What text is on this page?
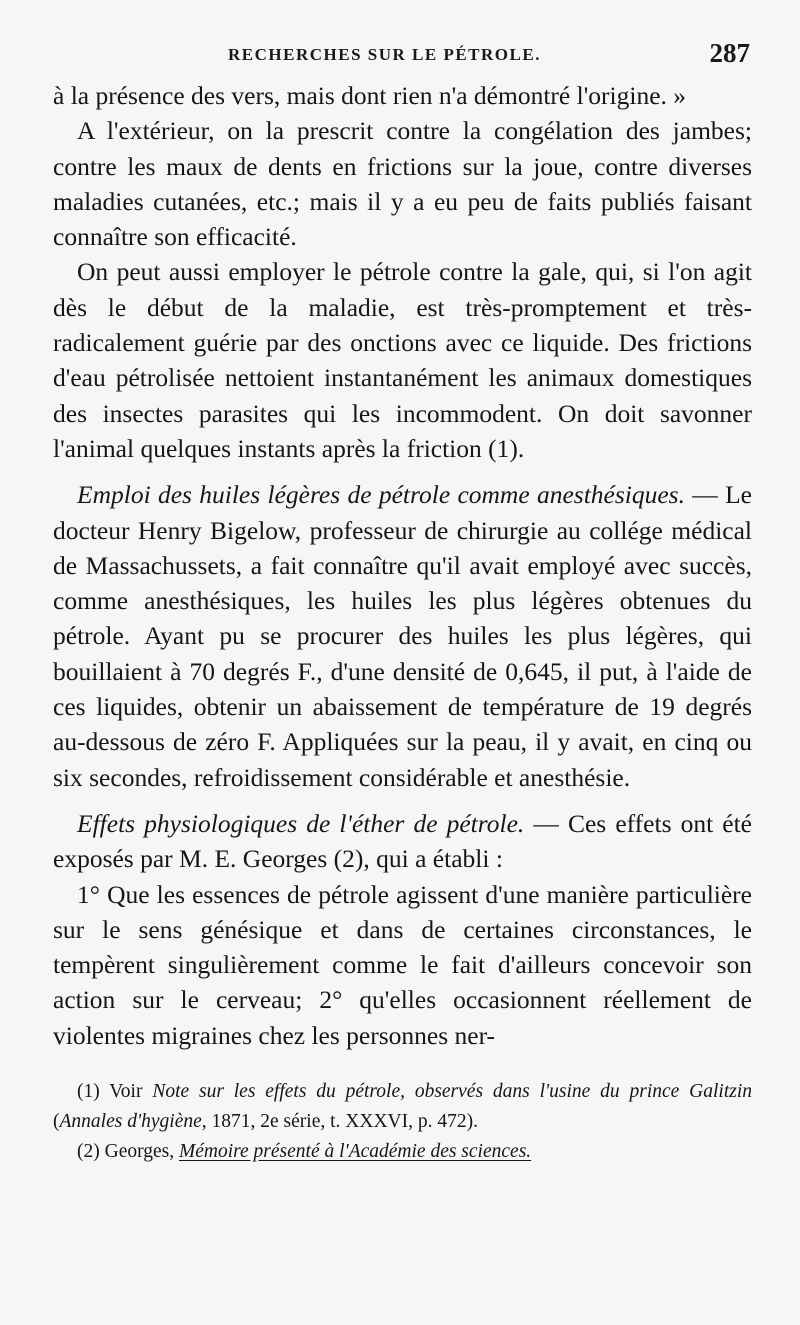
RECHERCHES SUR LE PÉTROLE.	287

à la présence des vers, mais dont rien n'a démontré l'origine. »

A l'extérieur, on la prescrit contre la congélation des jambes; contre les maux de dents en frictions sur la joue, contre diverses maladies cutanées, etc.; mais il y a eu peu de faits publiés faisant connaître son efficacité.

On peut aussi employer le pétrole contre la gale, qui, si l'on agit dès le début de la maladie, est très-promptement et très-radicalement guérie par des onctions avec ce liquide. Des frictions d'eau pétrolisée nettoient instantanément les animaux domestiques des insectes parasites qui les incommodent. On doit savonner l'animal quelques instants après la friction (1).

Emploi des huiles légères de pétrole comme anesthésiques. — Le docteur Henry Bigelow, professeur de chirurgie au collége médical de Massachussets, a fait connaître qu'il avait employé avec succès, comme anesthésiques, les huiles les plus légères obtenues du pétrole. Ayant pu se procurer des huiles les plus légères, qui bouillaient à 70 degrés F., d'une densité de 0,645, il put, à l'aide de ces liquides, obtenir un abaissement de température de 19 degrés au-dessous de zéro F. Appliquées sur la peau, il y avait, en cinq ou six secondes, refroidissement considérable et anesthésie.

Effets physiologiques de l'éther de pétrole. — Ces effets ont été exposés par M. E. Georges (2), qui a établi :

1° Que les essences de pétrole agissent d'une manière particulière sur le sens génésique et dans de certaines circonstances, le tempèrent singulièrement comme le fait d'ailleurs concevoir son action sur le cerveau; 2° qu'elles occasionnent réellement de violentes migraines chez les personnes ner-

(1) Voir Note sur les effets du pétrole, observés dans l'usine du prince Galitzin (Annales d'hygiène, 1871, 2e série, t. XXXVI, p. 472).

(2) Georges, Mémoire présenté à l'Académie des sciences.
